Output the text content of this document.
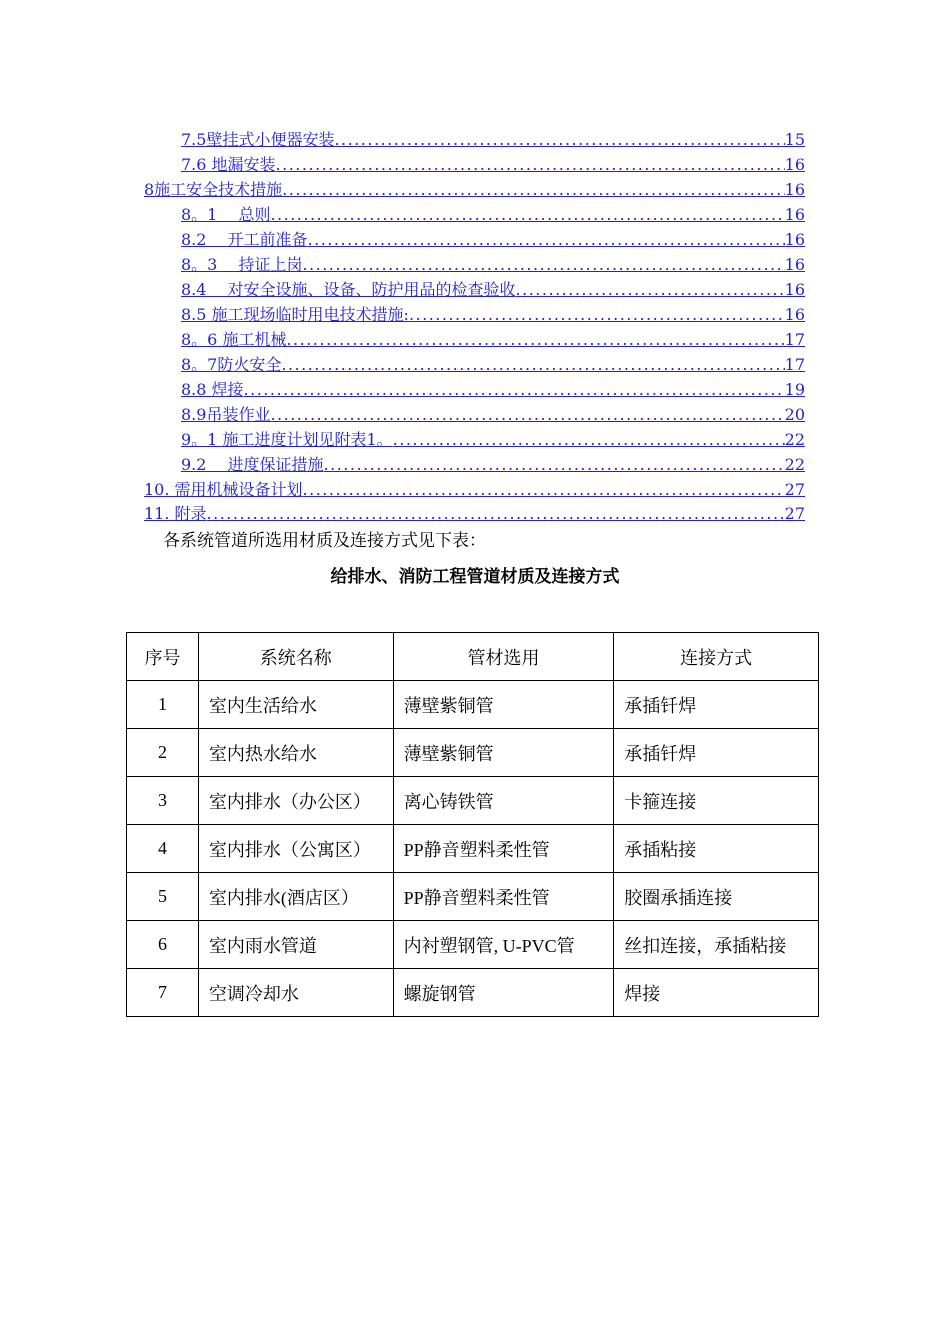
7.5壁挂式小便器安装 .....	15
7.6 地漏安装 .....	16
8施工安全技术措施 .....	16
8。1　 总则 .....	16
8.2　 开工前准备 .....	16
8。3　 持证上岗 .....	16
8.4　 对安全设施、设备、防护用品的检查验收 .....	16
8.5 施工现场临时用电技术措施: .....	16
8。6 施工机械 .....	17
8。7防火安全 .....	17
8.8 焊接 .....	19
8.9吊装作业 .....	20
9。1 施工进度计划见附表1。 .....	22
9.2　 进度保证措施 .....	22
10. 需用机械设备计划 .....	27
11. 附录 .....	27
各系统管道所选用材质及连接方式见下表：
给排水、消防工程管道材质及连接方式
序号	系统名称	管材选用	连接方式
1	室内生活给水	薄壁紫铜管	承插钎焊
2	室内热水给水	薄壁紫铜管	承插钎焊
3	室内排水（办公区）	离心铸铁管	卡箍连接
4	室内排水（公寓区）	PP静音塑料柔性管	承插粘接
5	室内排水(酒店区）	PP静音塑料柔性管	胶圈承插连接
6	室内雨水管道	内衬塑钢管, U-PVC管	丝扣连接，承插粘接
7	空调冷却水	螺旋钢管	焊接
